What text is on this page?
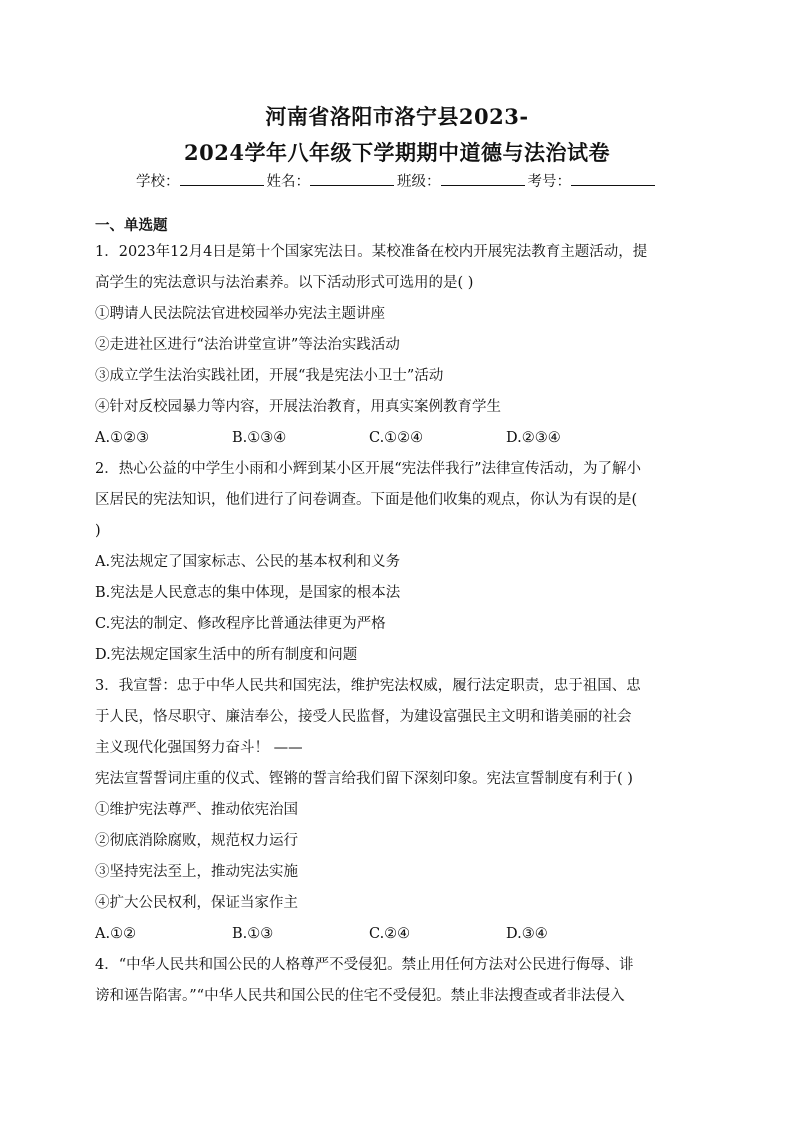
河南省洛阳市洛宁县2023-
2024学年八年级下学期期中道德与法治试卷
学校：	姓名：	班级：	考号：
一、单选题
1．2023年12月4日是第十个国家宪法日。某校准备在校内开展宪法教育主题活动，提
高学生的宪法意识与法治素养。以下活动形式可选用的是( )
①聘请人民法院法官进校园举办宪法主题讲座
②走进社区进行“法治讲堂宣讲”等法治实践活动
③成立学生法治实践社团，开展“我是宪法小卫士”活动
④针对反校园暴力等内容，开展法治教育，用真实案例教育学生
A.①②③	B.①③④	C.①②④	D.②③④
2．热心公益的中学生小雨和小辉到某小区开展“宪法伴我行”法律宣传活动，为了解小
区居民的宪法知识，他们进行了问卷调查。下面是他们收集的观点，你认为有误的是(
)
A.宪法规定了国家标志、公民的基本权利和义务
B.宪法是人民意志的集中体现，是国家的根本法
C.宪法的制定、修改程序比普通法律更为严格
D.宪法规定国家生活中的所有制度和问题
3．我宣誓：忠于中华人民共和国宪法，维护宪法权威，履行法定职责，忠于祖国、忠
于人民，恪尽职守、廉洁奉公，接受人民监督，为建设富强民主文明和谐美丽的社会
主义现代化强国努力奋斗！ ——
宪法宣誓誓词庄重的仪式、铿锵的誓言给我们留下深刻印象。宪法宣誓制度有利于( )
①维护宪法尊严、推动依宪治国
②彻底消除腐败，规范权力运行
③坚持宪法至上，推动宪法实施
④扩大公民权利，保证当家作主
A.①②	B.①③	C.②④	D.③④
4．“中华人民共和国公民的人格尊严不受侵犯。禁止用任何方法对公民进行侮辱、诽
谤和诬告陷害。”“中华人民共和国公民的住宅不受侵犯。禁止非法搜查或者非法侵入
